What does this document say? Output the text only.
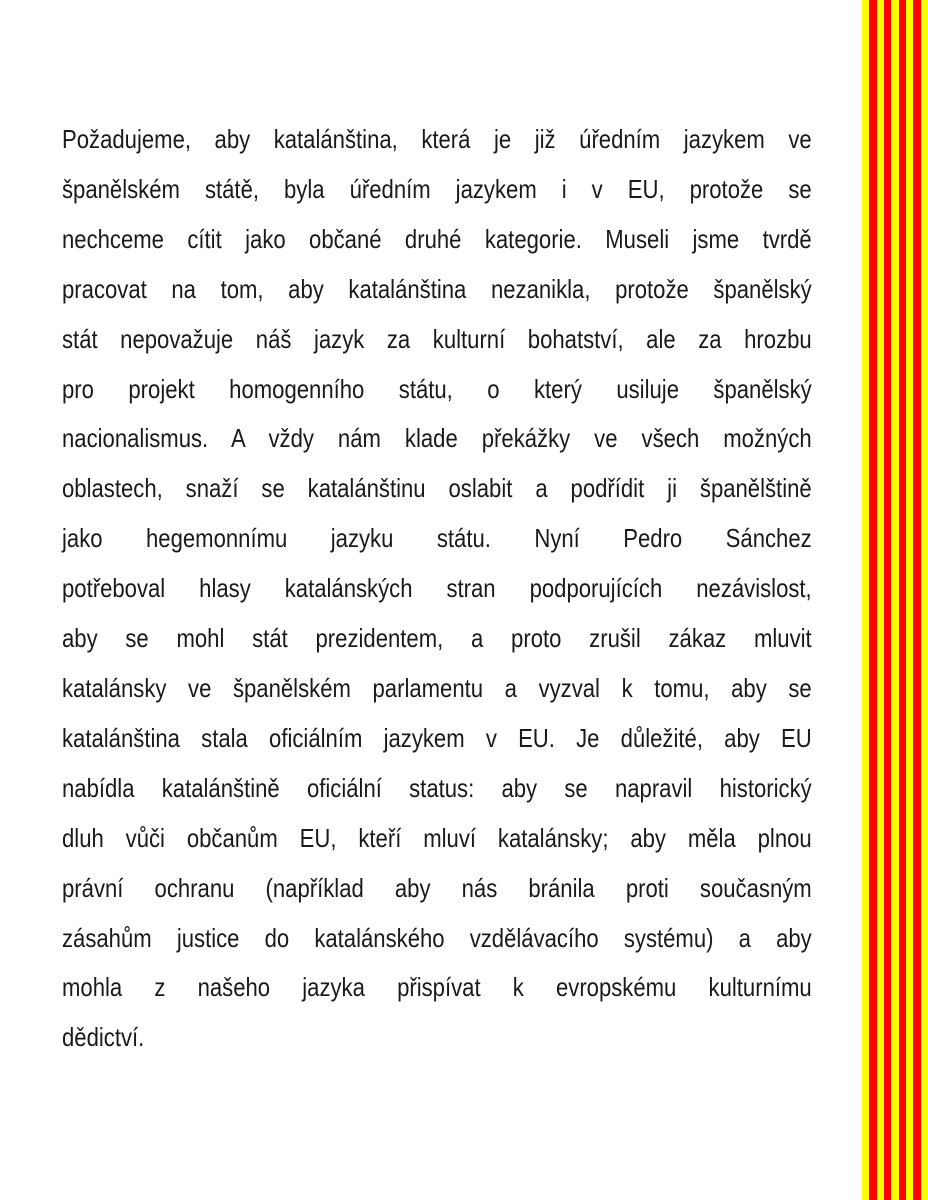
Požadujeme, aby katalánština, která je již úředním jazykem ve
španělském státě, byla úředním jazykem i v EU, protože se
nechceme cítit jako občané druhé kategorie. Museli jsme tvrdě
pracovat na tom, aby katalánština nezanikla, protože španělský
stát nepovažuje náš jazyk za kulturní bohatství, ale za hrozbu
pro projekt homogenního státu, o který usiluje španělský
nacionalismus. A vždy nám klade překážky ve všech možných
oblastech, snaží se katalánštinu oslabit a podřídit ji španělštině
jako hegemonnímu jazyku státu. Nyní Pedro Sánchez
potřeboval hlasy katalánských stran podporujících nezávislost,
aby se mohl stát prezidentem, a proto zrušil zákaz mluvit
katalánsky ve španělském parlamentu a vyzval k tomu, aby se
katalánština stala oficiálním jazykem v EU. Je důležité, aby EU
nabídla katalánštině oficiální status: aby se napravil historický
dluh vůči občanům EU, kteří mluví katalánsky; aby měla plnou
právní ochranu (například aby nás bránila proti současným
zásahům justice do katalánského vzdělávacího systému) a aby
mohla z našeho jazyka přispívat k evropskému kulturnímu
dědictví.
